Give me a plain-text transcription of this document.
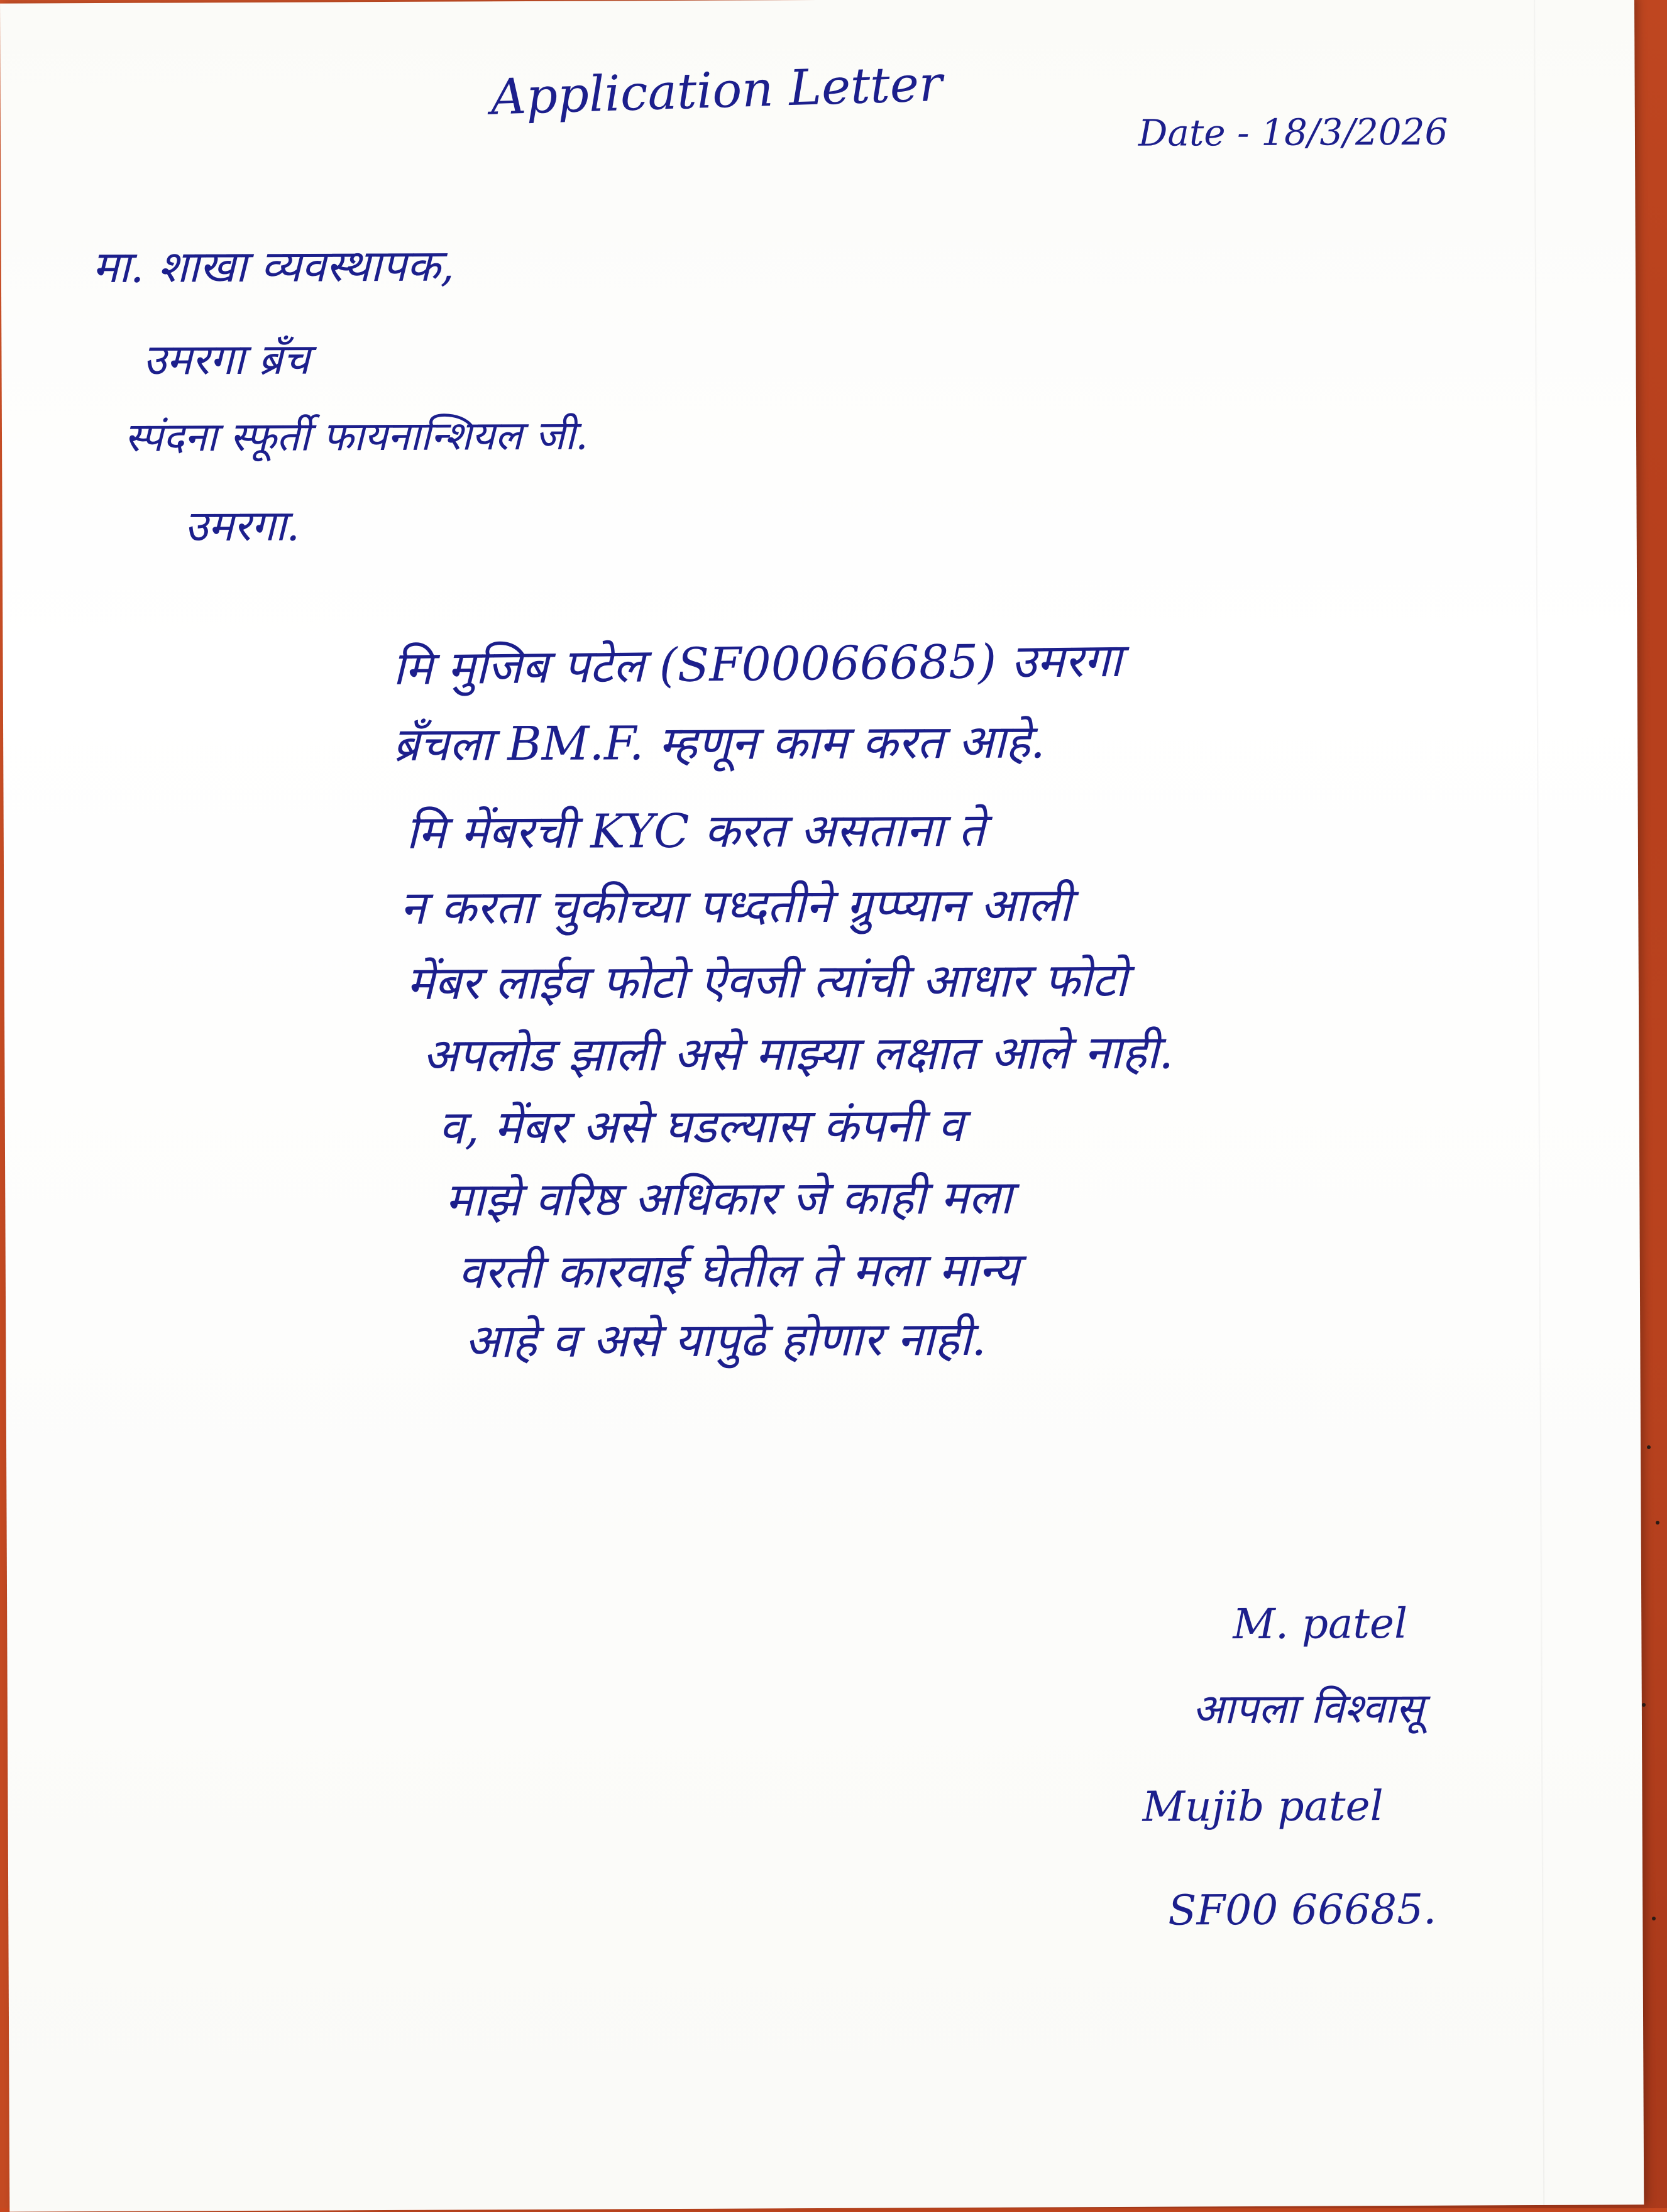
Application Letter
Date - 18/3/2026
मा. शाखा व्यवस्थापक,
उमरगा ब्रँच
स्पंदना स्फूर्ती फायनान्शियल जी.
उमरगा.
मि मुजिब पटेल (SF00066685) उमरगा
ब्रँचला BM.F. म्हणून काम करत आहे.
मि मेंबरची KYC करत असताना ते
न करता चुकीच्या पध्दतीने ग्रुप्प्यान आली
मेंबर लाईव फोटो ऐवजी त्यांची आधार फोटो
अपलोड झाली असे माझ्या लक्षात आले नाही.
व, मेंबर असे घडल्यास कंपनी व
माझे वरिष्ठ अधिकार जे काही मला
वरती कारवाई घेतील ते मला मान्य
आहे व असे यापुढे होणार नाही.
M. patel
आपला विश्वासू
Mujib patel
SF00 66685.
